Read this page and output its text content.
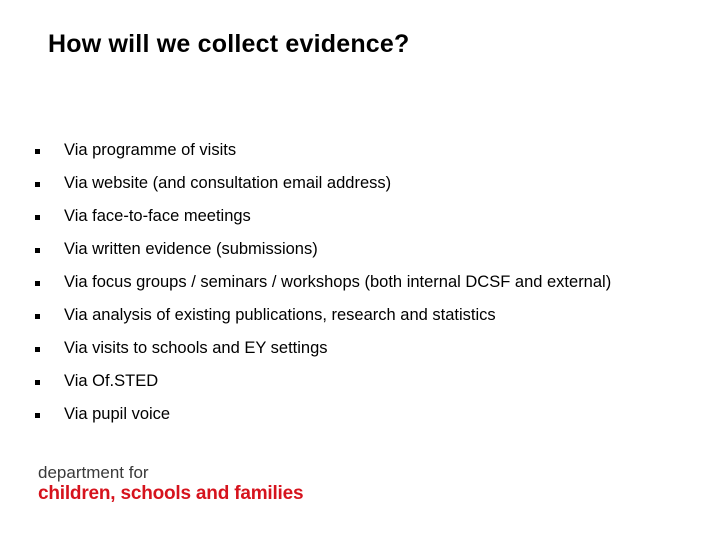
How will we collect evidence?
Via programme of visits
Via website (and consultation email address)
Via face-to-face meetings
Via written evidence (submissions)
Via focus groups / seminars / workshops (both internal DCSF and external)
Via analysis of existing publications, research and statistics
Via visits to schools and EY settings
Via Of.STED
Via pupil voice
department for
children, schools and families
